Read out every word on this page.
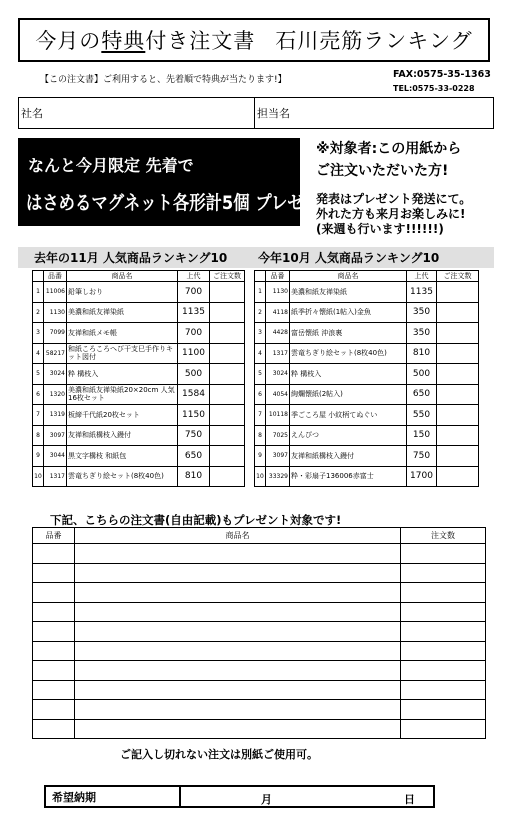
今月の 特典 付き注文書 石川売筋ランキング
【この注文書】ご利用すると、先着順で特典が当たります!】	FAX:0575-35-1363
TEL:0575-33-0228
社名	担当名
なんと今月限定 先着で
はさめるマグネット各形計5個 プレゼント!
※対象者:この用紙から
ご注文いただいた方!
発表はプレゼント発送にて。
外れた方も来月お楽しみに!
(来週も行います!!!!!!)
去年の11月 人気商品ランキング10	今年10月 人気商品ランキング10
	品番	商品名	上代	ご注文数
1	11006	鉛筆しおり	700	
2	1130	美濃和紙友禅染紙	1135	
3	7099	友禅和紙メモ帳	700	
4	58217	和紙ころころへび干支巳手作りキット図付	1100	
5	3024	粋 構枝入	500	
6	1320	美濃和紙友禅染紙20×20cm 人気16枚セット	1584	
7	1319	板締千代紙20枚セット	1150	
8	3097	友禅和紙構枝入鏝付	750	
9	3044	黒文字構枝 和紙包	650	
10	1317	雲竜ちぎり絵セット(8枚40色)	810	
	品番	商品名	上代	ご注文数
1	1130	美濃和紙友禅染紙	1135	
2	4118	紙季折々懐紙(1帖入)金魚	350	
3	4428	富岳懐紙 沖浪裏	350	
4	1317	雲竜ちぎり絵セット(8枚40色)	810	
5	3024	粋 構枝入	500	
6	4054	絢爛懐紙(2帖入)	650	
7	10118	季ごころ屋 小紋柄てぬぐい	550	
8	7025	えんぴつ	150	
9	3097	友禅和紙構枝入鏝付	750	
10	33329	粋・彩扇子136006赤富士	1700	
下記、こちらの注文書(自由記載)もプレゼント対象です!
品番	商品名	注文数

ご記入し切れない注文は別紙ご使用可。
希望納期	月	日
